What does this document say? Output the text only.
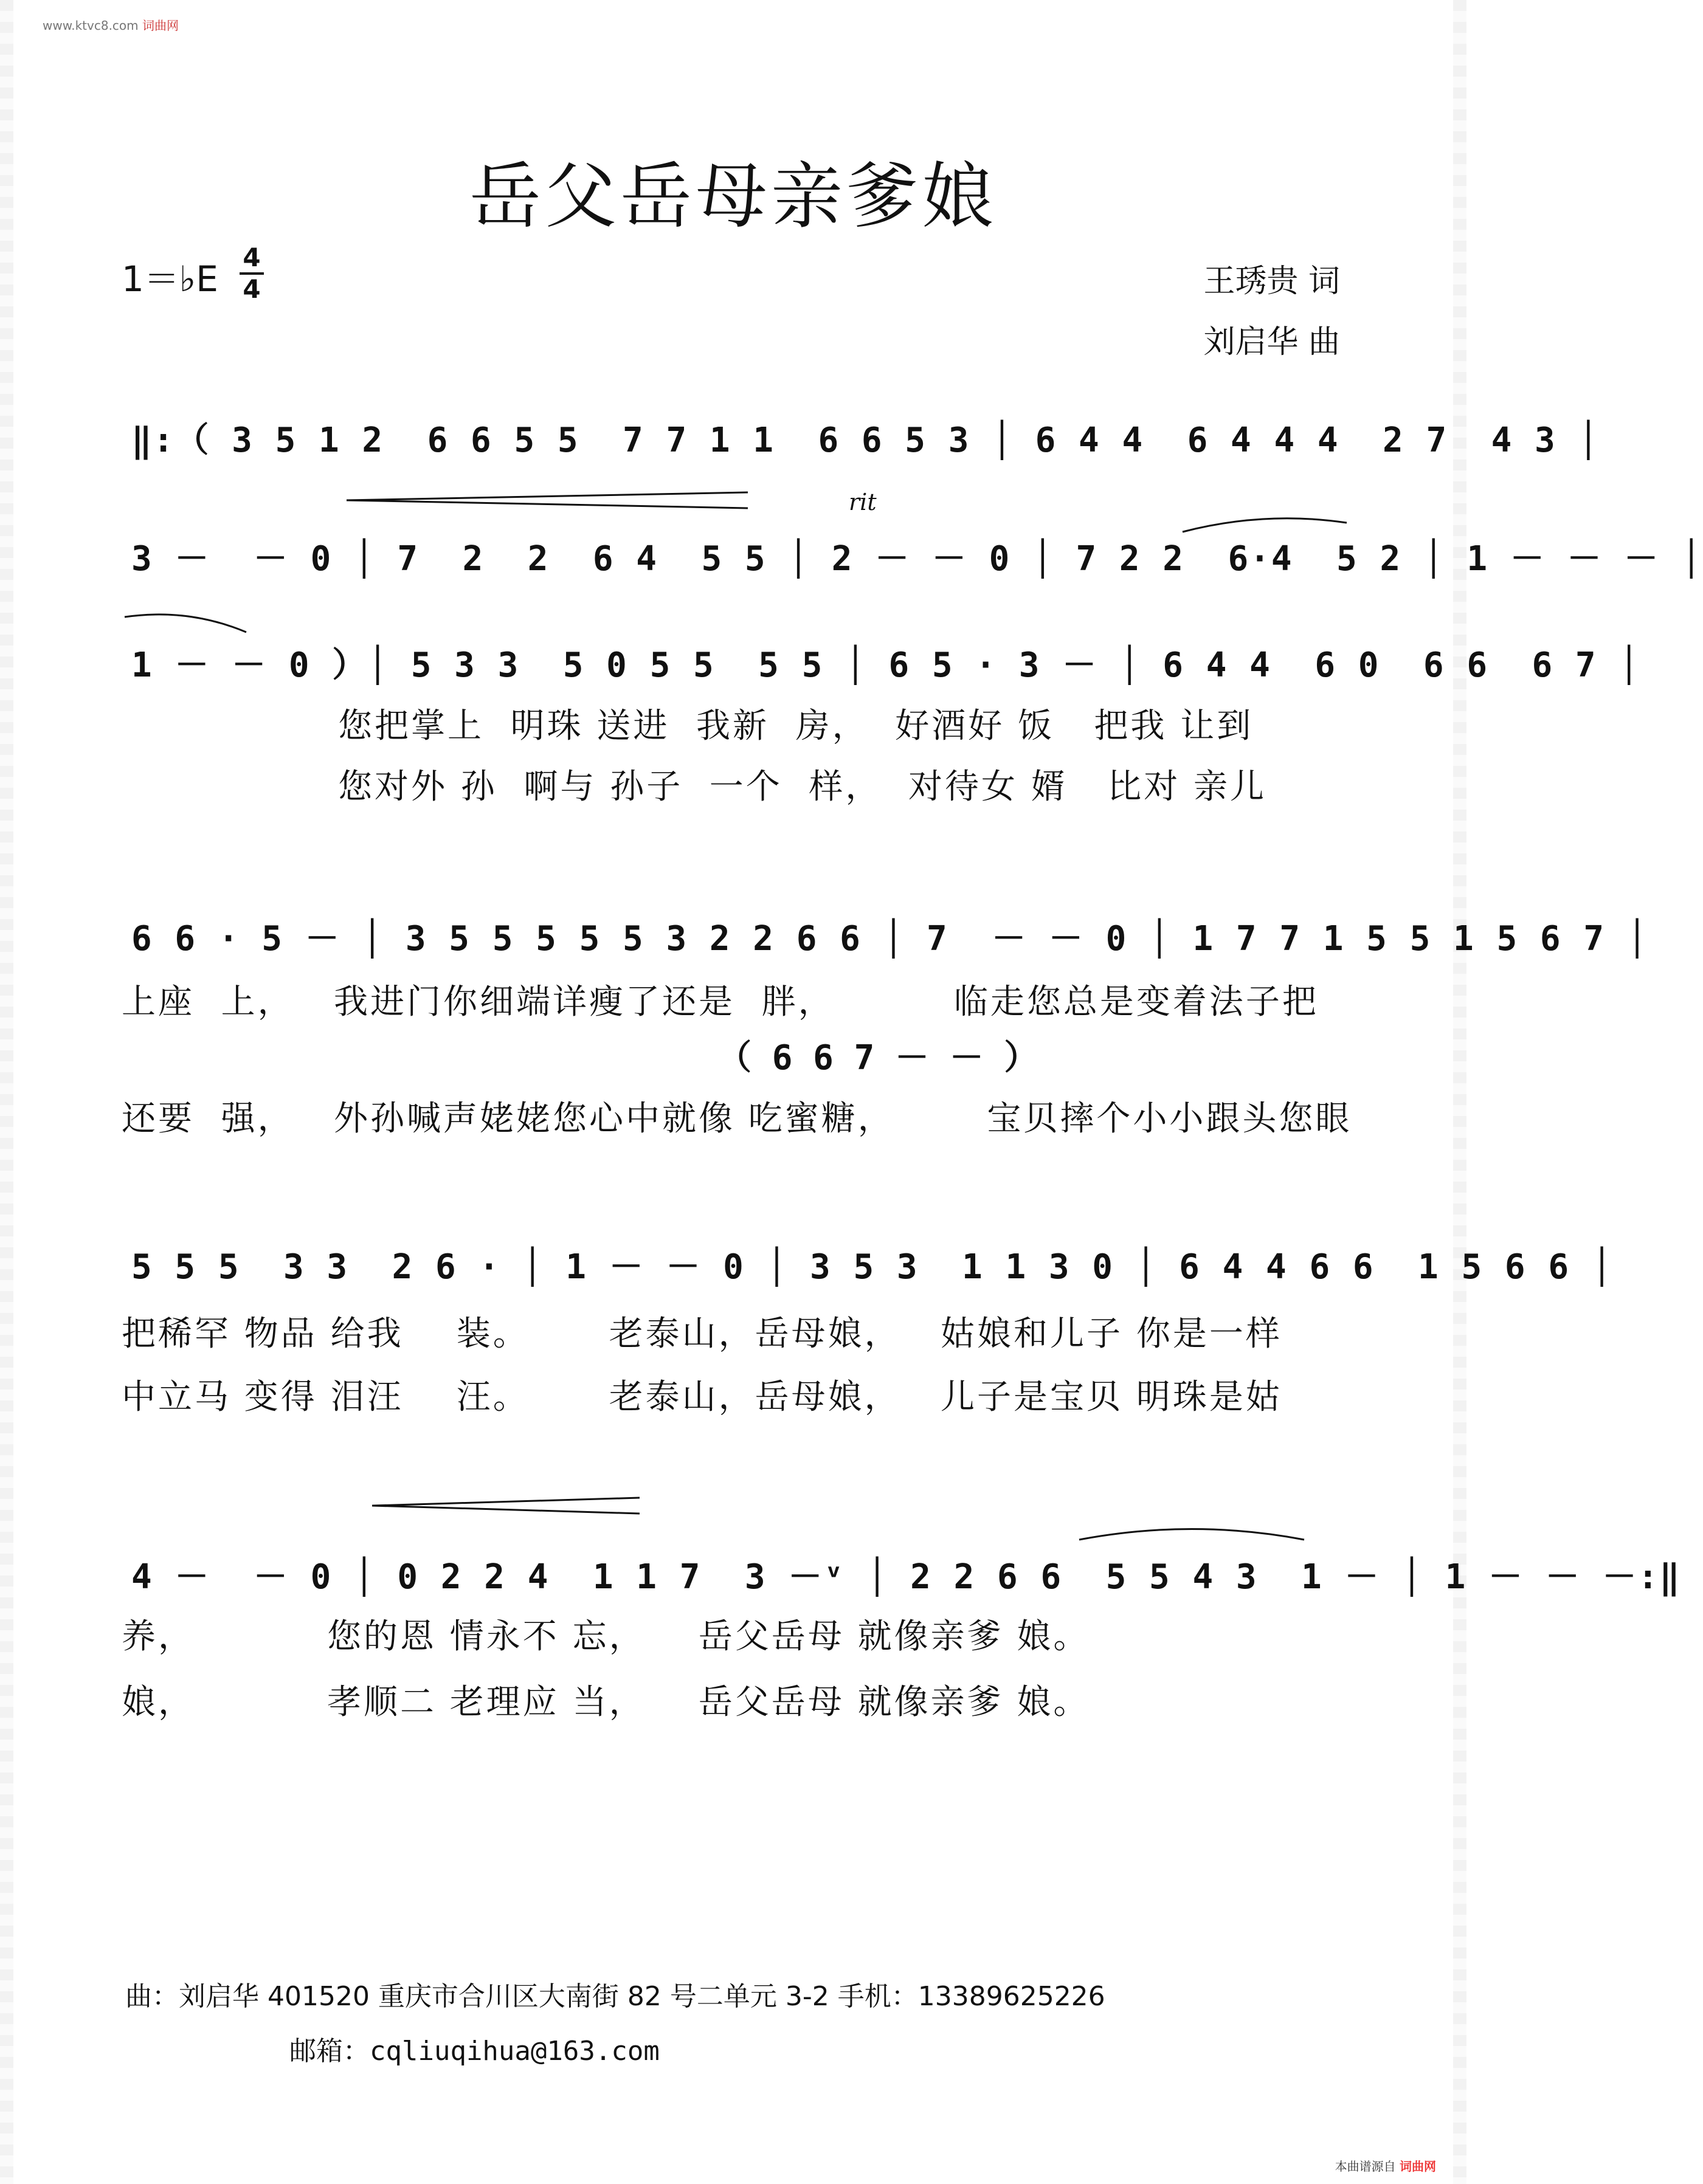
www.ktvc8.com 词曲网
岳父岳母亲爹娘
1＝♭E
4
4	王琇贵 词
刘启华 曲
‖:（ 3 5 1 2  6 6 5 5  7 7 1 1  6 6 5 3 │ 6 4 4  6 4 4 4  2 7  4 3 │
rit
3 －  － 0 │ 7  2  2  6 4  5 5 │ 2 － － 0 │ 7 2 2  6·4  5 2 │ 1 － － － │
1 － － 0 ）│ 5 3 3  5 0 5 5  5 5 │ 6 5 · 3 － │ 6 4 4  6 0  6 6  6 7 │
您把掌上  明珠 送进  我新  房，  好酒好 饭   把我 让到
您对外 孙  啊与 孙子  一个  样，  对待女 婿   比对 亲儿
6 6 · 5 － │ 3 5 5 5 5 5 3 2 2 6 6 │ 7  － － 0 │ 1 7 7 1 5 5 1 5 6 7 │
上座  上，   我进门你细端详瘦了还是  胖，         临走您总是变着法子把
（ 6 6 7 － － ）
还要  强，   外孙喊声姥姥您心中就像 吃蜜糖，       宝贝摔个小小跟头您眼
5 5 5  3 3  2 6 · │ 1 － － 0 │ 3 5 3  1 1 3 0 │ 6 4 4 6 6  1 5 6 6 │
把稀罕 物品 给我    装。      老泰山，岳母娘，   姑娘和儿子 你是一样
中立马 变得 泪汪    汪。      老泰山，岳母娘，   儿子是宝贝 明珠是姑
4 －  － 0 │ 0 2 2 4  1 1 7  3 －ᵛ │ 2 2 6 6  5 5 4 3  1 － │ 1 － － －:‖
养，          您的恩 情永不 忘，    岳父岳母 就像亲爹 娘。
娘，          孝顺二 老理应 当，    岳父岳母 就像亲爹 娘。
曲：刘启华 401520 重庆市合川区大南街 82 号二单元 3-2 手机：13389625226
邮箱：cqliuqihua@163.com
本曲谱源自 词曲网
